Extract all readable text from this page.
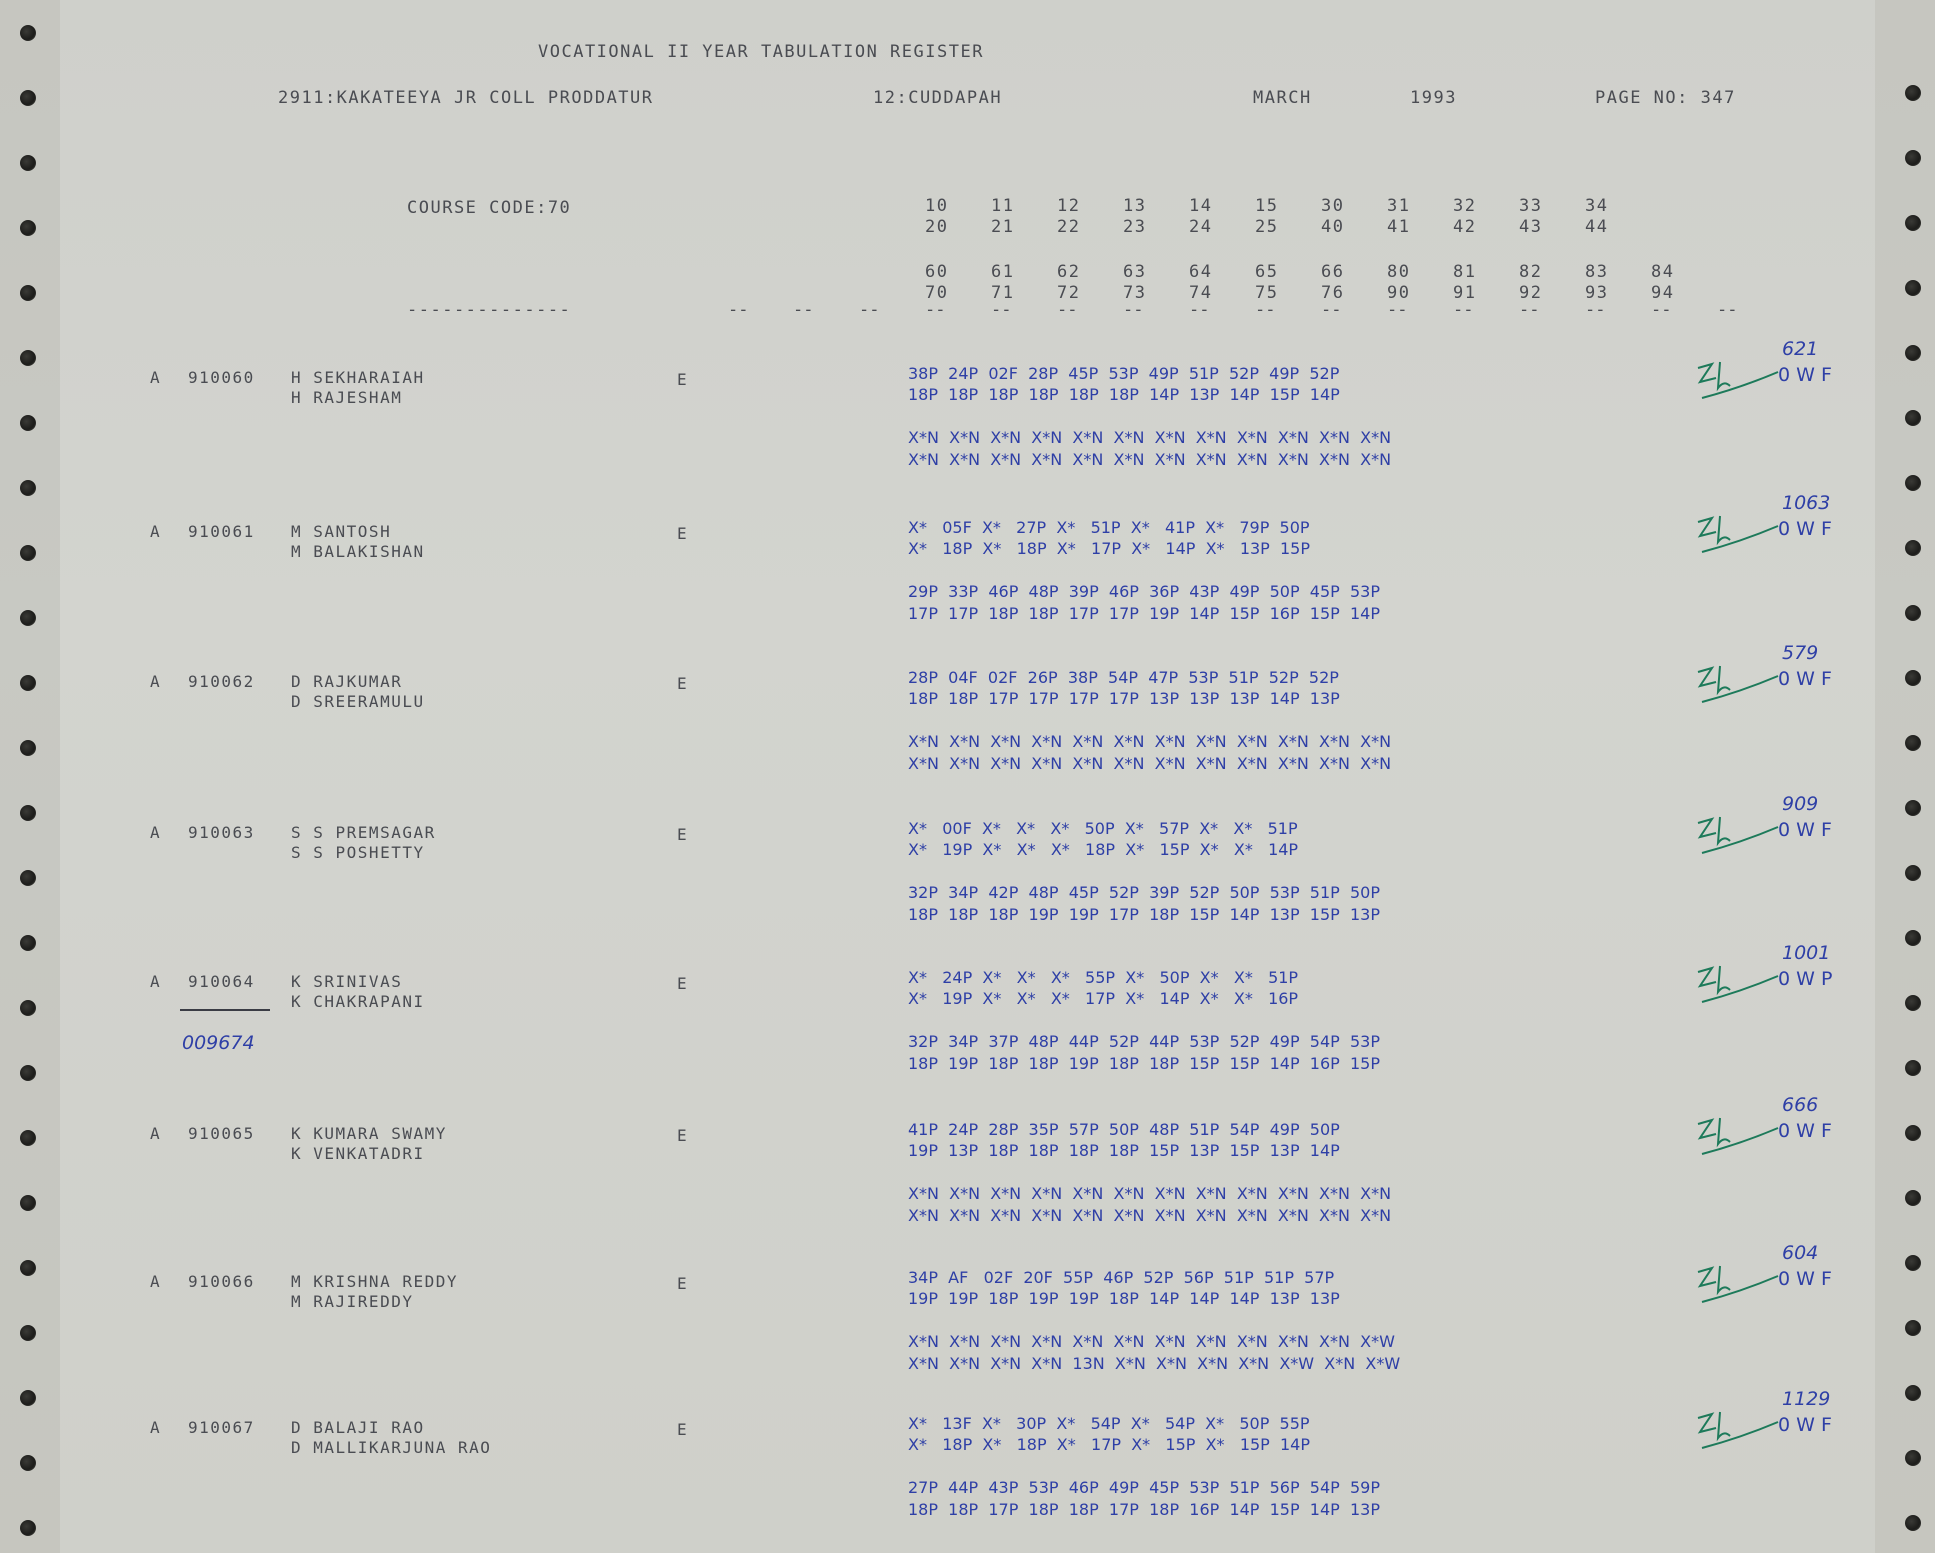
VOCATIONAL II YEAR TABULATION REGISTER
2911:KAKATEEYA JR COLL PRODDATUR	12:CUDDAPAH	MARCH	1993	PAGE NO: 347
COURSE CODE:70	10	11	12	13	14	15	30	31	32	33	34
20	21	22	23	24	25	40	41	42	43	44
60	61	62	63	64	65	66	80	81	82	83	84
70	71	72	73	74	75	76	90	91	92	93	94
--------------	--	--	--	--	--	--	--	--	--	--	--	--	--	--	--	--
A 910060 H SEKHARAIAH
H RAJESHAM
E	38P  24P  02F  28P  45P  53P  49P  51P  52P  49P  52P
18P  18P  18P  18P  18P  18P  14P  13P  14P  15P  14P
X*N  X*N  X*N  X*N  X*N  X*N  X*N  X*N  X*N  X*N  X*N  X*N
X*N  X*N  X*N  X*N  X*N  X*N  X*N  X*N  X*N  X*N  X*N  X*N
621
0 W F
A 910061 M SANTOSH
M BALAKISHAN
E	X*   05F  X*   27P  X*   51P  X*   41P  X*   79P  50P
X*   18P  X*   18P  X*   17P  X*   14P  X*   13P  15P
29P  33P  46P  48P  39P  46P  36P  43P  49P  50P  45P  53P
17P  17P  18P  18P  17P  17P  19P  14P  15P  16P  15P  14P
1063
0 W F
A 910062 D RAJKUMAR
D SREERAMULU
E	28P  04F  02F  26P  38P  54P  47P  53P  51P  52P  52P
18P  18P  17P  17P  17P  17P  13P  13P  13P  14P  13P
X*N  X*N  X*N  X*N  X*N  X*N  X*N  X*N  X*N  X*N  X*N  X*N
X*N  X*N  X*N  X*N  X*N  X*N  X*N  X*N  X*N  X*N  X*N  X*N
579
0 W F
A 910063 S S PREMSAGAR
S S POSHETTY
E	X*   00F  X*   X*   X*   50P  X*   57P  X*   X*   51P
X*   19P  X*   X*   X*   18P  X*   15P  X*   X*   14P
32P  34P  42P  48P  45P  52P  39P  52P  50P  53P  51P  50P
18P  18P  18P  19P  19P  17P  18P  15P  14P  13P  15P  13P
909
0 W F
A 910064 K SRINIVAS
K CHAKRAPANI
E
009674
X*   24P  X*   X*   X*   55P  X*   50P  X*   X*   51P
X*   19P  X*   X*   X*   17P  X*   14P  X*   X*   16P
32P  34P  37P  48P  44P  52P  44P  53P  52P  49P  54P  53P
18P  19P  18P  18P  19P  18P  18P  15P  15P  14P  16P  15P
1001
0 W P
A 910065 K KUMARA SWAMY
K VENKATADRI
E	41P  24P  28P  35P  57P  50P  48P  51P  54P  49P  50P
19P  13P  18P  18P  18P  18P  15P  13P  15P  13P  14P
X*N  X*N  X*N  X*N  X*N  X*N  X*N  X*N  X*N  X*N  X*N  X*N
X*N  X*N  X*N  X*N  X*N  X*N  X*N  X*N  X*N  X*N  X*N  X*N
666
0 W F
A 910066 M KRISHNA REDDY
M RAJIREDDY
E	34P  AF   02F  20F  55P  46P  52P  56P  51P  51P  57P
19P  19P  18P  19P  19P  18P  14P  14P  14P  13P  13P
X*N  X*N  X*N  X*N  X*N  X*N  X*N  X*N  X*N  X*N  X*N  X*W
X*N  X*N  X*N  X*N  13N  X*N  X*N  X*N  X*N  X*W  X*N  X*W
604
0 W F
A 910067 D BALAJI RAO
D MALLIKARJUNA RAO
E	X*   13F  X*   30P  X*   54P  X*   54P  X*   50P  55P
X*   18P  X*   18P  X*   17P  X*   15P  X*   15P  14P
27P  44P  43P  53P  46P  49P  45P  53P  51P  56P  54P  59P
18P  18P  17P  18P  18P  17P  18P  16P  14P  15P  14P  13P
1129
0 W F
